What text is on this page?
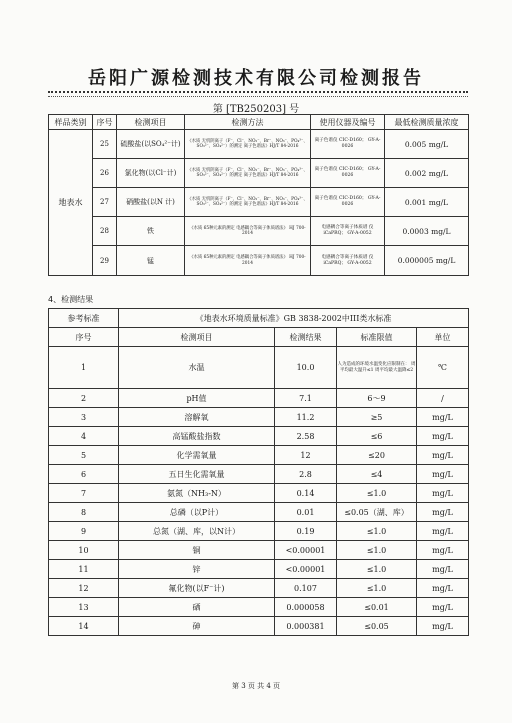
岳阳广源检测技术有限公司检测报告
第 [TB250203] 号
样品类别	序号	检测项目	检测方法	使用仪器及编号	最低检测质量浓度
地表水	25	硫酸盐(以SO₄²⁻计)	《水质 无机阴离子（F⁻、Cl⁻、NO₂⁻、Br⁻、NO₃⁻、PO₄³⁻、SO₃²⁻、SO₄²⁻）的测定 离子色谱法》HJ/T 84-2016	离子色谱仪 CIC-D160； GY-A-0026	0.005 mg/L
	26	氯化物(以Cl⁻计)	《水质 无机阴离子（F⁻、Cl⁻、NO₂⁻、Br⁻、NO₃⁻、PO₄³⁻、SO₃²⁻、SO₄²⁻）的测定 离子色谱法》HJ/T 84-2016	离子色谱仪 CIC-D160； GY-A-0026	0.002 mg/L
	27	硝酸盐(以N 计)	《水质 无机阴离子（F⁻、Cl⁻、NO₂⁻、Br⁻、NO₃⁻、PO₄³⁻、SO₃²⁻、SO₄²⁻）的测定 离子色谱法》HJ/T 84-2016	离子色谱仪 CIC-D160； GY-A-0026	0.001 mg/L
	28	铁	《水质 65种元素的测定 电感耦合等离子体质谱法》 HJ 700-2014	电感耦合等离子体质谱 仪iCaPRQ； GY-A-0052	0.0003 mg/L
	29	锰	《水质 65种元素的测定 电感耦合等离子体质谱法》 HJ 700-2014	电感耦合等离子体质谱 仪iCaPRQ； GY-A-0052	0.000005 mg/L
4、检测结果
参考标准	《地表水环境质量标准》GB 3838-2002中III类水标准			
序号	检测项目	检测结果	标准限值	单位
1	水温	10.0	人为造成的环境水温变化应限制在： 周平均最大温升≤1 周平均最大温降≤2	℃
2	pH值	7.1	6～9	/
3	溶解氧	11.2	≥5	mg/L
4	高锰酸盐指数	2.58	≤6	mg/L
5	化学需氧量	12	≤20	mg/L
6	五日生化需氧量	2.8	≤4	mg/L
7	氨氮（NH₃-N）	0.14	≤1.0	mg/L
8	总磷（以P计）	0.01	≤0.05（湖、库）	mg/L
9	总氮（湖、库，以N计）	0.19	≤1.0	mg/L
10	铜	<0.00001	≤1.0	mg/L
11	锌	<0.00001	≤1.0	mg/L
12	氟化物(以F⁻计)	0.107	≤1.0	mg/L
13	硒	0.000058	≤0.01	mg/L
14	砷	0.000381	≤0.05	mg/L
第 3 页 共 4 页
